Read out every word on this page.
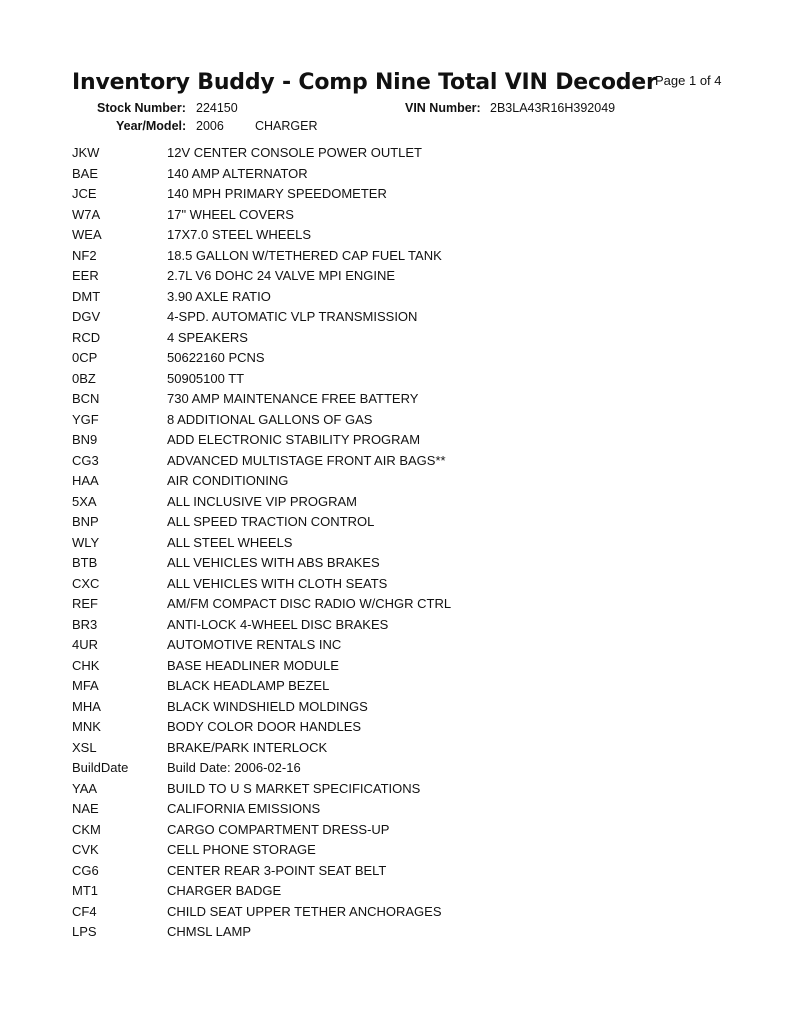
Inventory Buddy - Comp Nine Total VIN Decoder
Page 1 of 4
Stock Number: 224150	VIN Number: 2B3LA43R16H392049
Year/Model: 2006 CHARGER
JKW	12V CENTER CONSOLE POWER OUTLET
BAE	140 AMP ALTERNATOR
JCE	140 MPH PRIMARY SPEEDOMETER
W7A	17" WHEEL COVERS
WEA	17X7.0 STEEL WHEELS
NF2	18.5 GALLON W/TETHERED CAP FUEL TANK
EER	2.7L V6 DOHC 24 VALVE MPI ENGINE
DMT	3.90 AXLE RATIO
DGV	4-SPD. AUTOMATIC VLP TRANSMISSION
RCD	4 SPEAKERS
0CP	50622160 PCNS
0BZ	50905100 TT
BCN	730 AMP MAINTENANCE FREE BATTERY
YGF	8 ADDITIONAL GALLONS OF GAS
BN9	ADD ELECTRONIC STABILITY PROGRAM
CG3	ADVANCED MULTISTAGE FRONT AIR BAGS**
HAA	AIR CONDITIONING
5XA	ALL INCLUSIVE VIP PROGRAM
BNP	ALL SPEED TRACTION CONTROL
WLY	ALL STEEL WHEELS
BTB	ALL VEHICLES WITH ABS BRAKES
CXC	ALL VEHICLES WITH CLOTH SEATS
REF	AM/FM COMPACT DISC RADIO W/CHGR CTRL
BR3	ANTI-LOCK 4-WHEEL DISC BRAKES
4UR	AUTOMOTIVE RENTALS INC
CHK	BASE HEADLINER MODULE
MFA	BLACK HEADLAMP BEZEL
MHA	BLACK WINDSHIELD MOLDINGS
MNK	BODY COLOR DOOR HANDLES
XSL	BRAKE/PARK INTERLOCK
BuildDate	Build Date: 2006-02-16
YAA	BUILD TO U S MARKET SPECIFICATIONS
NAE	CALIFORNIA EMISSIONS
CKM	CARGO COMPARTMENT DRESS-UP
CVK	CELL PHONE STORAGE
CG6	CENTER REAR 3-POINT SEAT BELT
MT1	CHARGER BADGE
CF4	CHILD SEAT UPPER TETHER ANCHORAGES
LPS	CHMSL LAMP
